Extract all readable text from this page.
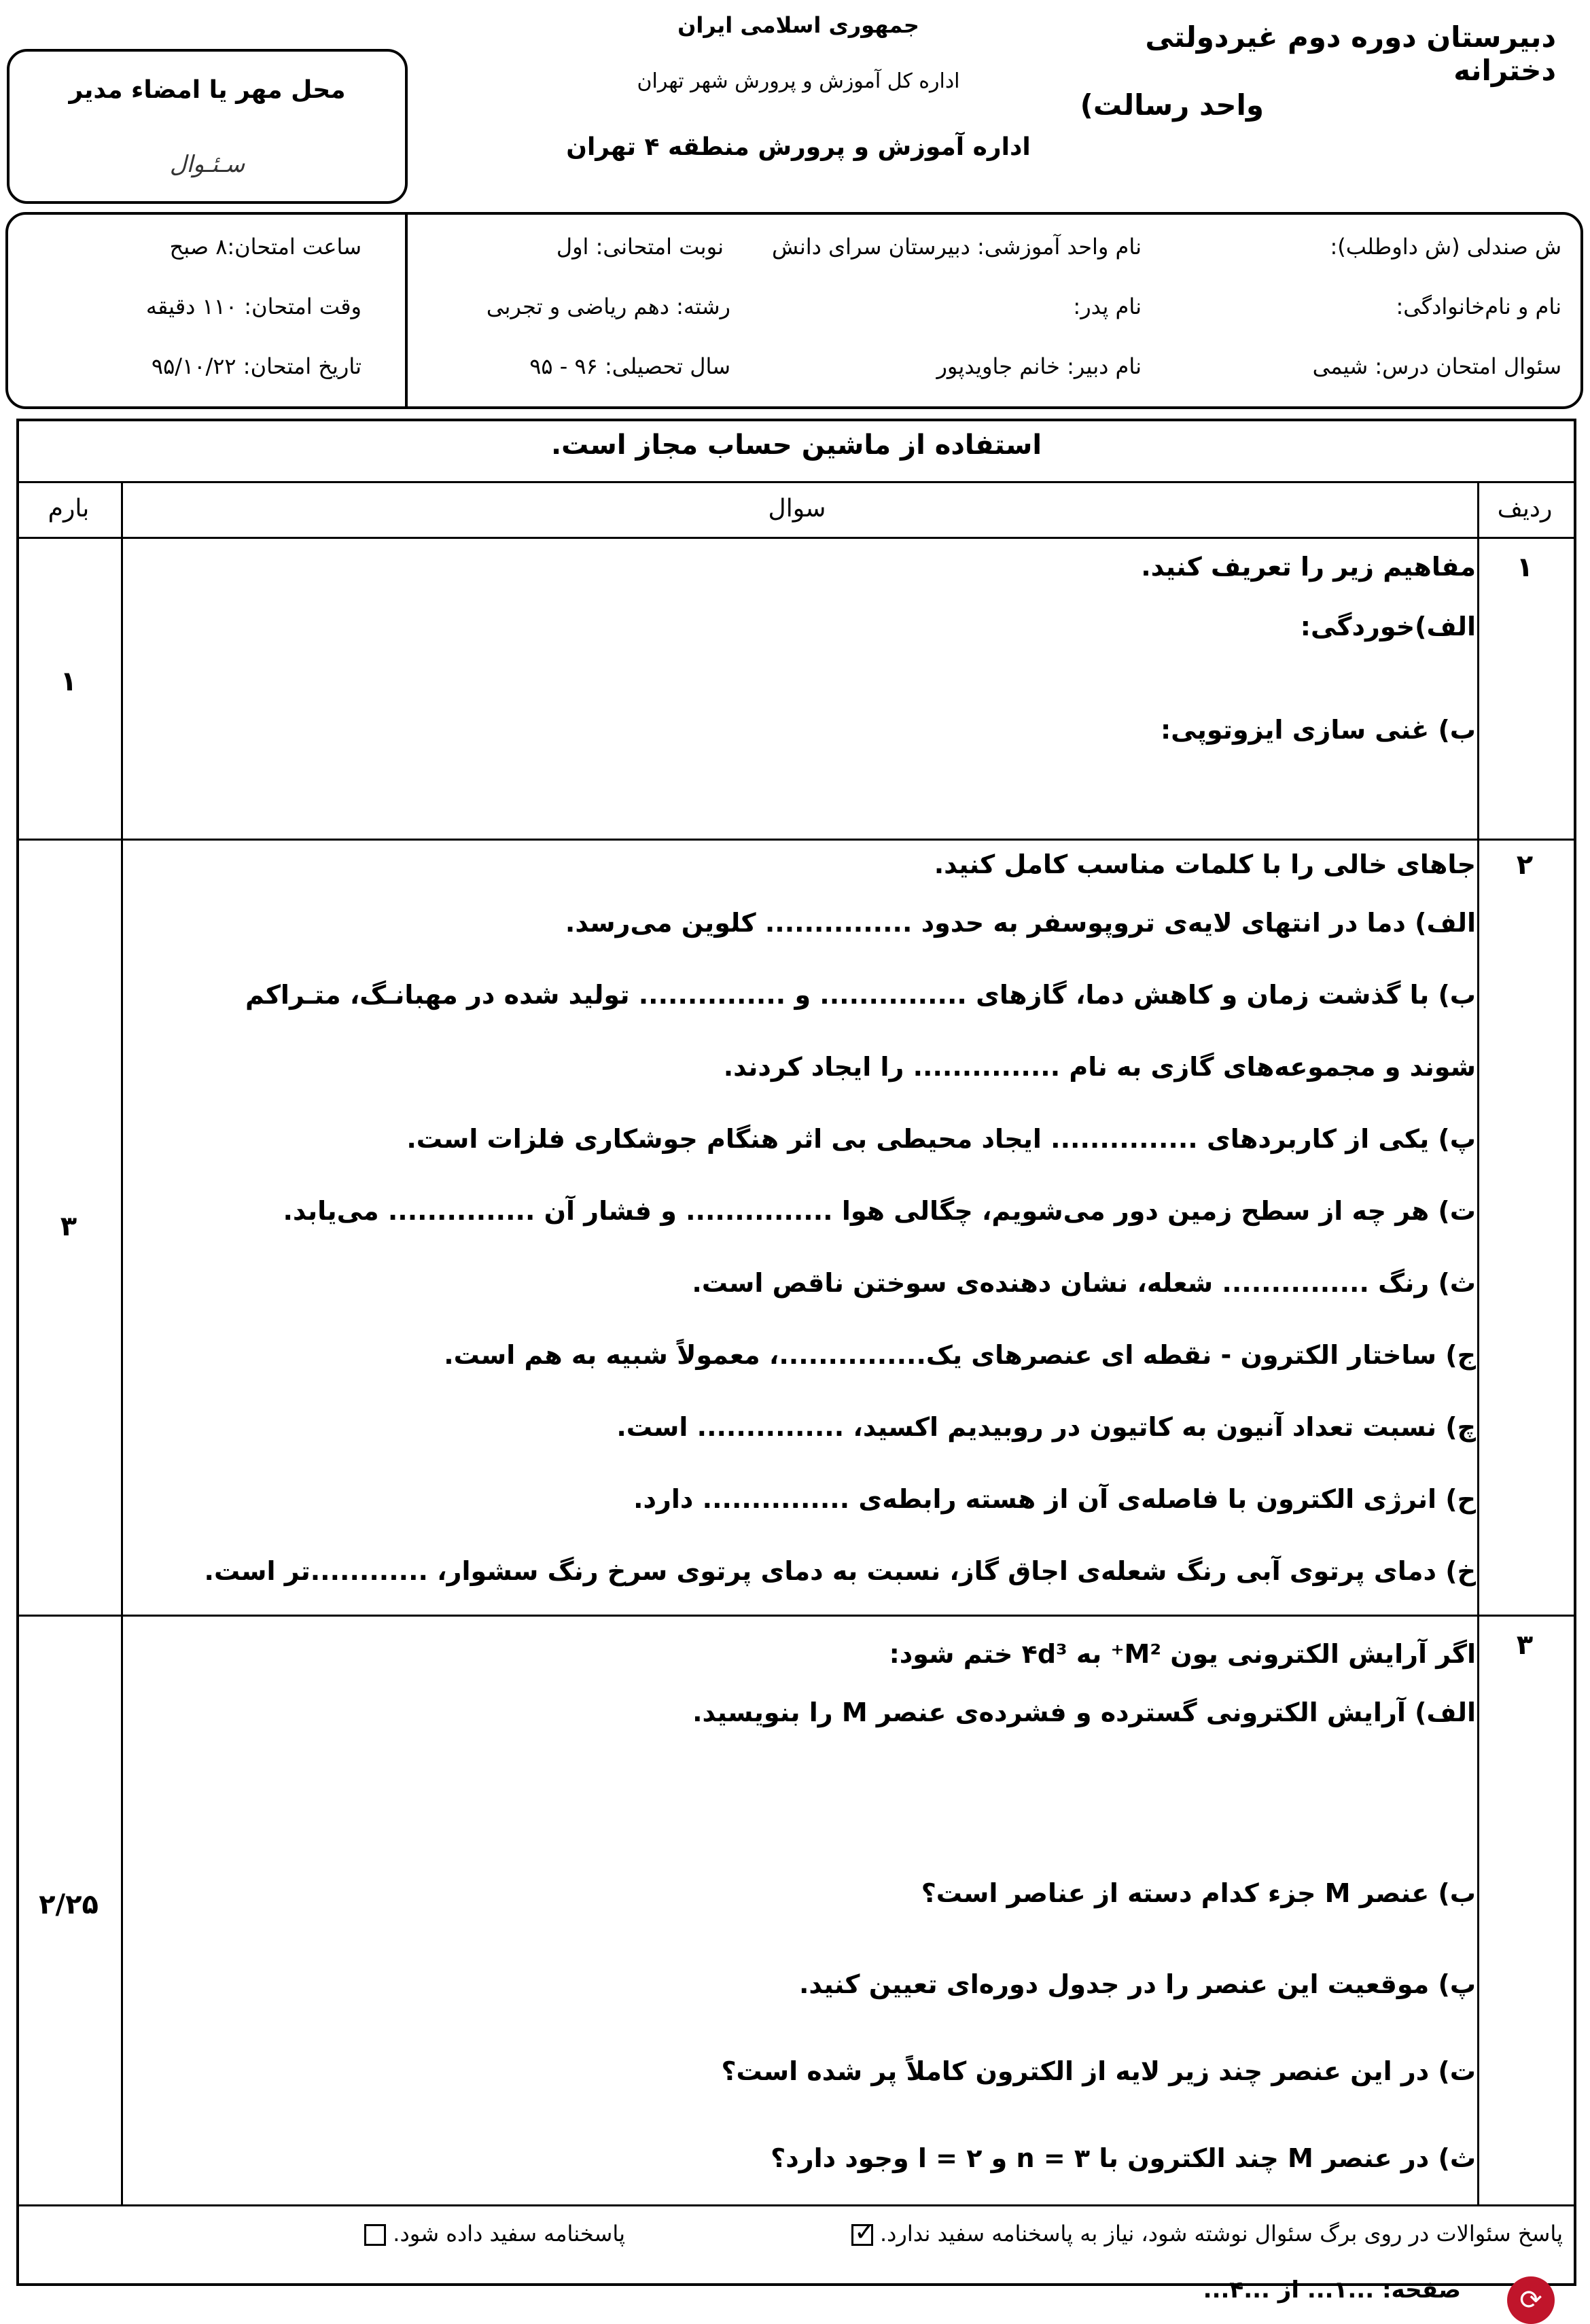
جمهوری اسلامی ایران
اداره کل آموزش و پرورش شهر تهران
اداره آموزش و پرورش منطقه ۴ تهران
دبیرستان دوره دوم غیردولتی دخترانه
واحد رسالت)
محل مهر یا امضاء مدیر
سـئـوال
ش صندلی (ش داوطلب):
نام و نام‌خانوادگی:
سئوال امتحان درس: شیمی
نام واحد آموزشی: دبیرستان سرای دانش
نوبت امتحانی: اول
نام پدر:
رشته: دهم ریاضی و تجربی
نام دبیر: خانم جاویدپور
سال تحصیلی: ۹۶ - ۹۵
ساعت امتحان:۸ صبح
وقت امتحان: ۱۱۰ دقیقه
تاریخ امتحان: ۹۵/۱۰/۲۲
استفاده از ماشین حساب مجاز است.
ردیف
سوال
بارم
۱
۱
مفاهیم زیر را تعریف کنید.
الف)خوردگی:
ب) غنی سازی ایزوتوپی:
۲
۳
جاهای خالی را با کلمات مناسب کامل کنید.
الف) دما در انتهای لایه‌ی تروپوسفر به حدود ............... کلوین می‌رسد.
ب) با گذشت زمان و کاهش دما، گازهای ............... و ............... تولید شده در مهبانـگ، متـراکم
شوند و مجموعه‌های گازی به نام ............... را ایجاد کردند.
پ) یکی از کاربردهای ............... ایجاد محیطی بی اثر هنگام جوشکاری فلزات است.
ت) هر چه از سطح زمین دور می‌شویم، چگالی هوا ............... و فشار آن ............... می‌یابد.
ث) رنگ ............... شعله، نشان دهنده‌ی سوختن ناقص است.
ج) ساختار الکترون - نقطه ای عنصرهای یک...............، معمولاً شبیه به هم است.
چ) نسبت تعداد آنیون به کاتیون در روبیدیم اکسید، ............... است.
ح) انرژی الکترون با فاصله‌ی آن از هسته رابطه‌ی ............... دارد.
خ) دمای پرتوی آبی رنگ شعله‌ی اجاق گاز، نسبت به دمای پرتوی سرخ رنگ سشوار، ............تر است.
۳
۲/۲۵
اگر آرایش الکترونی یون M²⁺ به ۴d³ ختم شود:
الف) آرایش الکترونی گسترده و فشرده‌ی عنصر M را بنویسید.
ب) عنصر M جزء کدام دسته از عناصر است؟
پ) موقعیت این عنصر را در جدول دوره‌ای تعیین کنید.
ت) در این عنصر چند زیر لایه از الکترون کاملاً پر شده است؟
ث) در عنصر M چند الکترون با n = ۳ و l = ۲ وجود دارد؟
پاسخ سئوالات در روی برگ سئوال نوشته شود، نیاز به پاسخنامه سفید ندارد. ✓
پاسخنامه سفید داده شود.
صفحه: ...۱... از ...۴...	⟳
